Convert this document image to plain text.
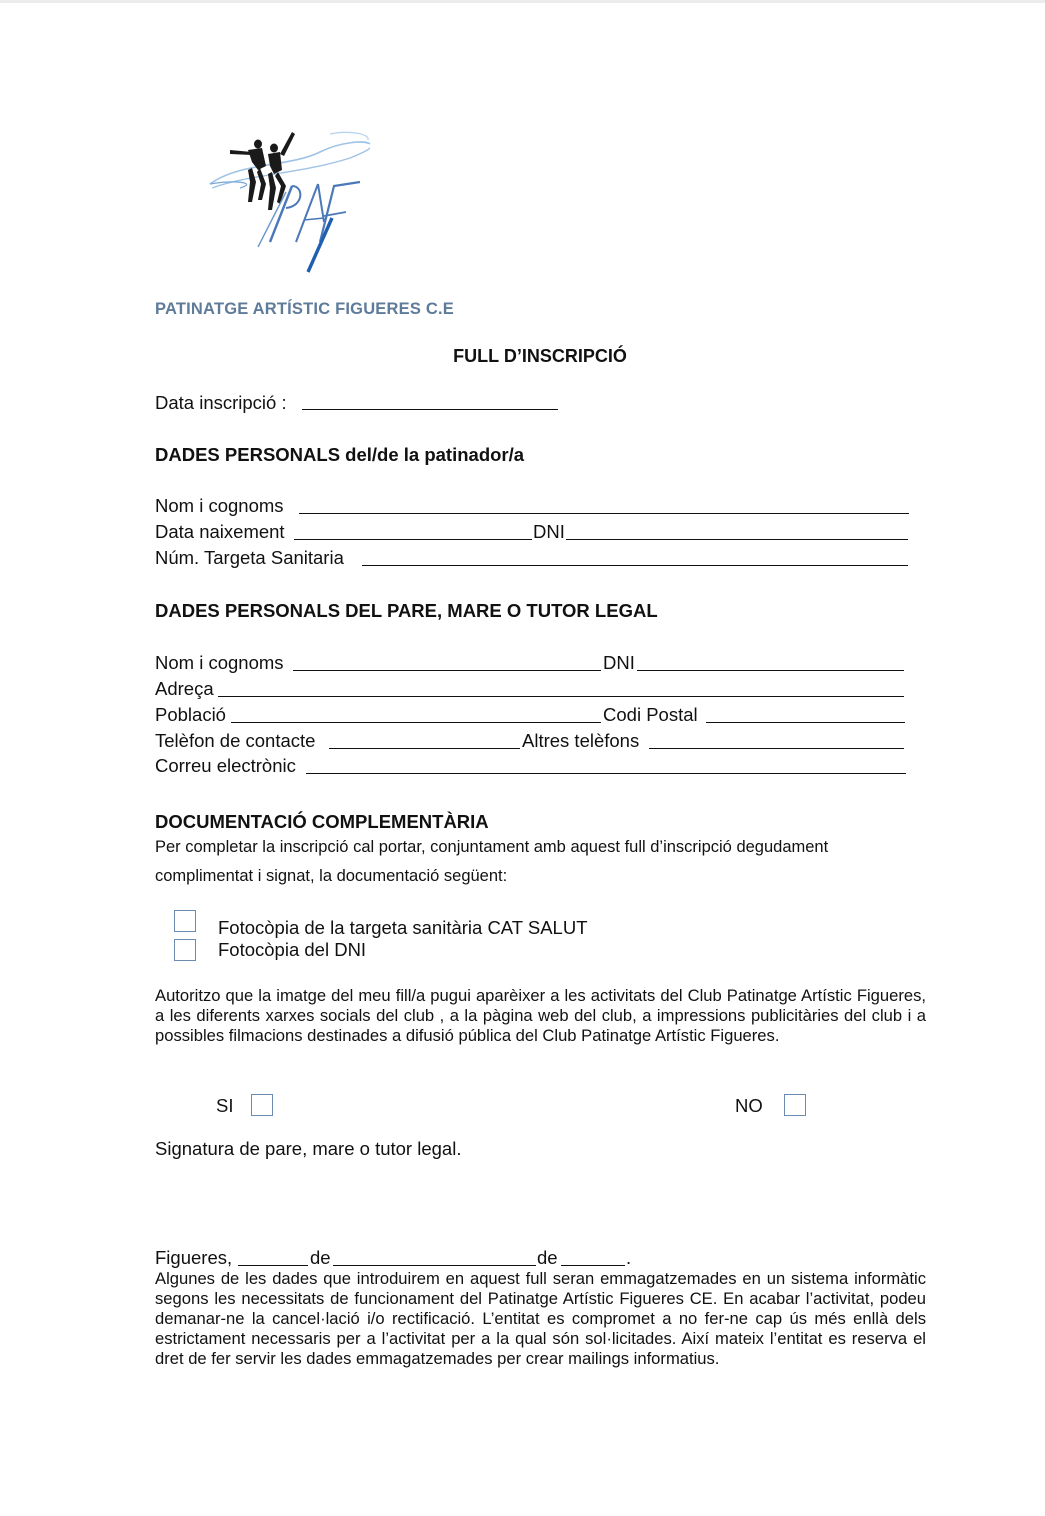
PATINATGE ARTÍSTIC FIGUERES C.E
FULL D’INSCRIPCIÓ
Data inscripció :
DADES PERSONALS del/de la patinador/a
Nom i cognoms
Data naixement	DNI
Núm. Targeta Sanitaria
DADES PERSONALS DEL PARE, MARE O TUTOR LEGAL
Nom i cognoms	DNI
Adreça
Població	Codi Postal
Telèfon de contacte	Altres telèfons
Correu electrònic
DOCUMENTACIÓ COMPLEMENTÀRIA
Per completar la inscripció cal portar, conjuntament amb aquest full d’inscripció degudament
complimentat i signat, la documentació següent:
Fotocòpia de la targeta sanitària CAT SALUT
Fotocòpia del DNI
Autoritzo que la imatge del meu fill/a pugui aparèixer a les activitats del Club Patinatge Artístic Figueres, a les diferents xarxes socials del club , a la pàgina web del club, a impressions publicitàries del club i a possibles filmacions destinades a difusió pública del Club Patinatge Artístic Figueres.
SI	NO
Signatura de pare, mare o tutor legal.
Figueres,	de	de	.
Algunes de les dades que introduirem en aquest full seran emmagatzemades en un sistema informàtic segons les necessitats de funcionament del Patinatge Artístic Figueres CE. En acabar l’activitat, podeu demanar-ne la cancel·lació i/o rectificació. L’entitat es compromet a no fer-ne cap ús més enllà dels estrictament necessaris per a l’activitat per a la qual són sol·licitades. Així mateix l’entitat es reserva el dret de fer servir les dades emmagatzemades per crear mailings informatius.
